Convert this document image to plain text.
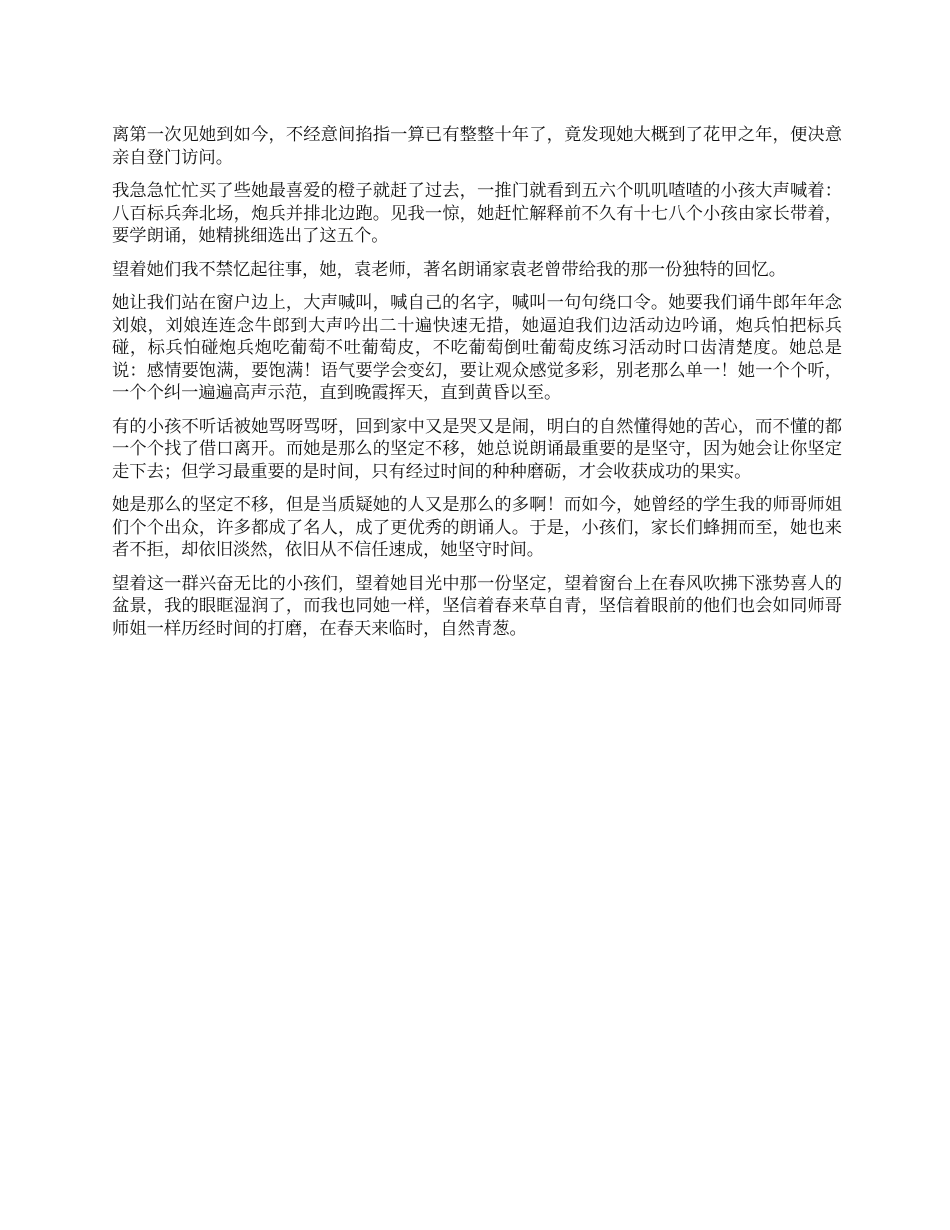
离第一次见她到如今，不经意间掐指一算已有整整十年了，竟发现她大概到了花甲之年，便决意亲自登门访问。

我急急忙忙买了些她最喜爱的橙子就赶了过去，一推门就看到五六个叽叽喳喳的小孩大声喊着：八百标兵奔北场，炮兵并排北边跑。见我一惊，她赶忙解释前不久有十七八个小孩由家长带着，要学朗诵，她精挑细选出了这五个。

望着她们我不禁忆起往事，她，袁老师，著名朗诵家袁老曾带给我的那一份独特的回忆。

她让我们站在窗户边上，大声喊叫，喊自己的名字，喊叫一句句绕口令。她要我们诵牛郎年年念刘娘，刘娘连连念牛郎到大声吟出二十遍快速无措，她逼迫我们边活动边吟诵，炮兵怕把标兵碰，标兵怕碰炮兵炮吃葡萄不吐葡萄皮，不吃葡萄倒吐葡萄皮练习活动时口齿清楚度。她总是说：感情要饱满，要饱满！语气要学会变幻，要让观众感觉多彩，别老那么单一！她一个个听，一个个纠一遍遍高声示范，直到晚霞挥天，直到黄昏以至。

有的小孩不听话被她骂呀骂呀，回到家中又是哭又是闹，明白的自然懂得她的苦心，而不懂的都一个个找了借口离开。而她是那么的坚定不移，她总说朗诵最重要的是坚守，因为她会让你坚定走下去；但学习最重要的是时间，只有经过时间的种种磨砺，才会收获成功的果实。

她是那么的坚定不移，但是当质疑她的人又是那么的多啊！而如今，她曾经的学生我的师哥师姐们个个出众，许多都成了名人，成了更优秀的朗诵人。于是，小孩们，家长们蜂拥而至，她也来者不拒，却依旧淡然，依旧从不信任速成，她坚守时间。

望着这一群兴奋无比的小孩们，望着她目光中那一份坚定，望着窗台上在春风吹拂下涨势喜人的盆景，我的眼眶湿润了，而我也同她一样，坚信着春来草自青，坚信着眼前的他们也会如同师哥师姐一样历经时间的打磨，在春天来临时，自然青葱。
